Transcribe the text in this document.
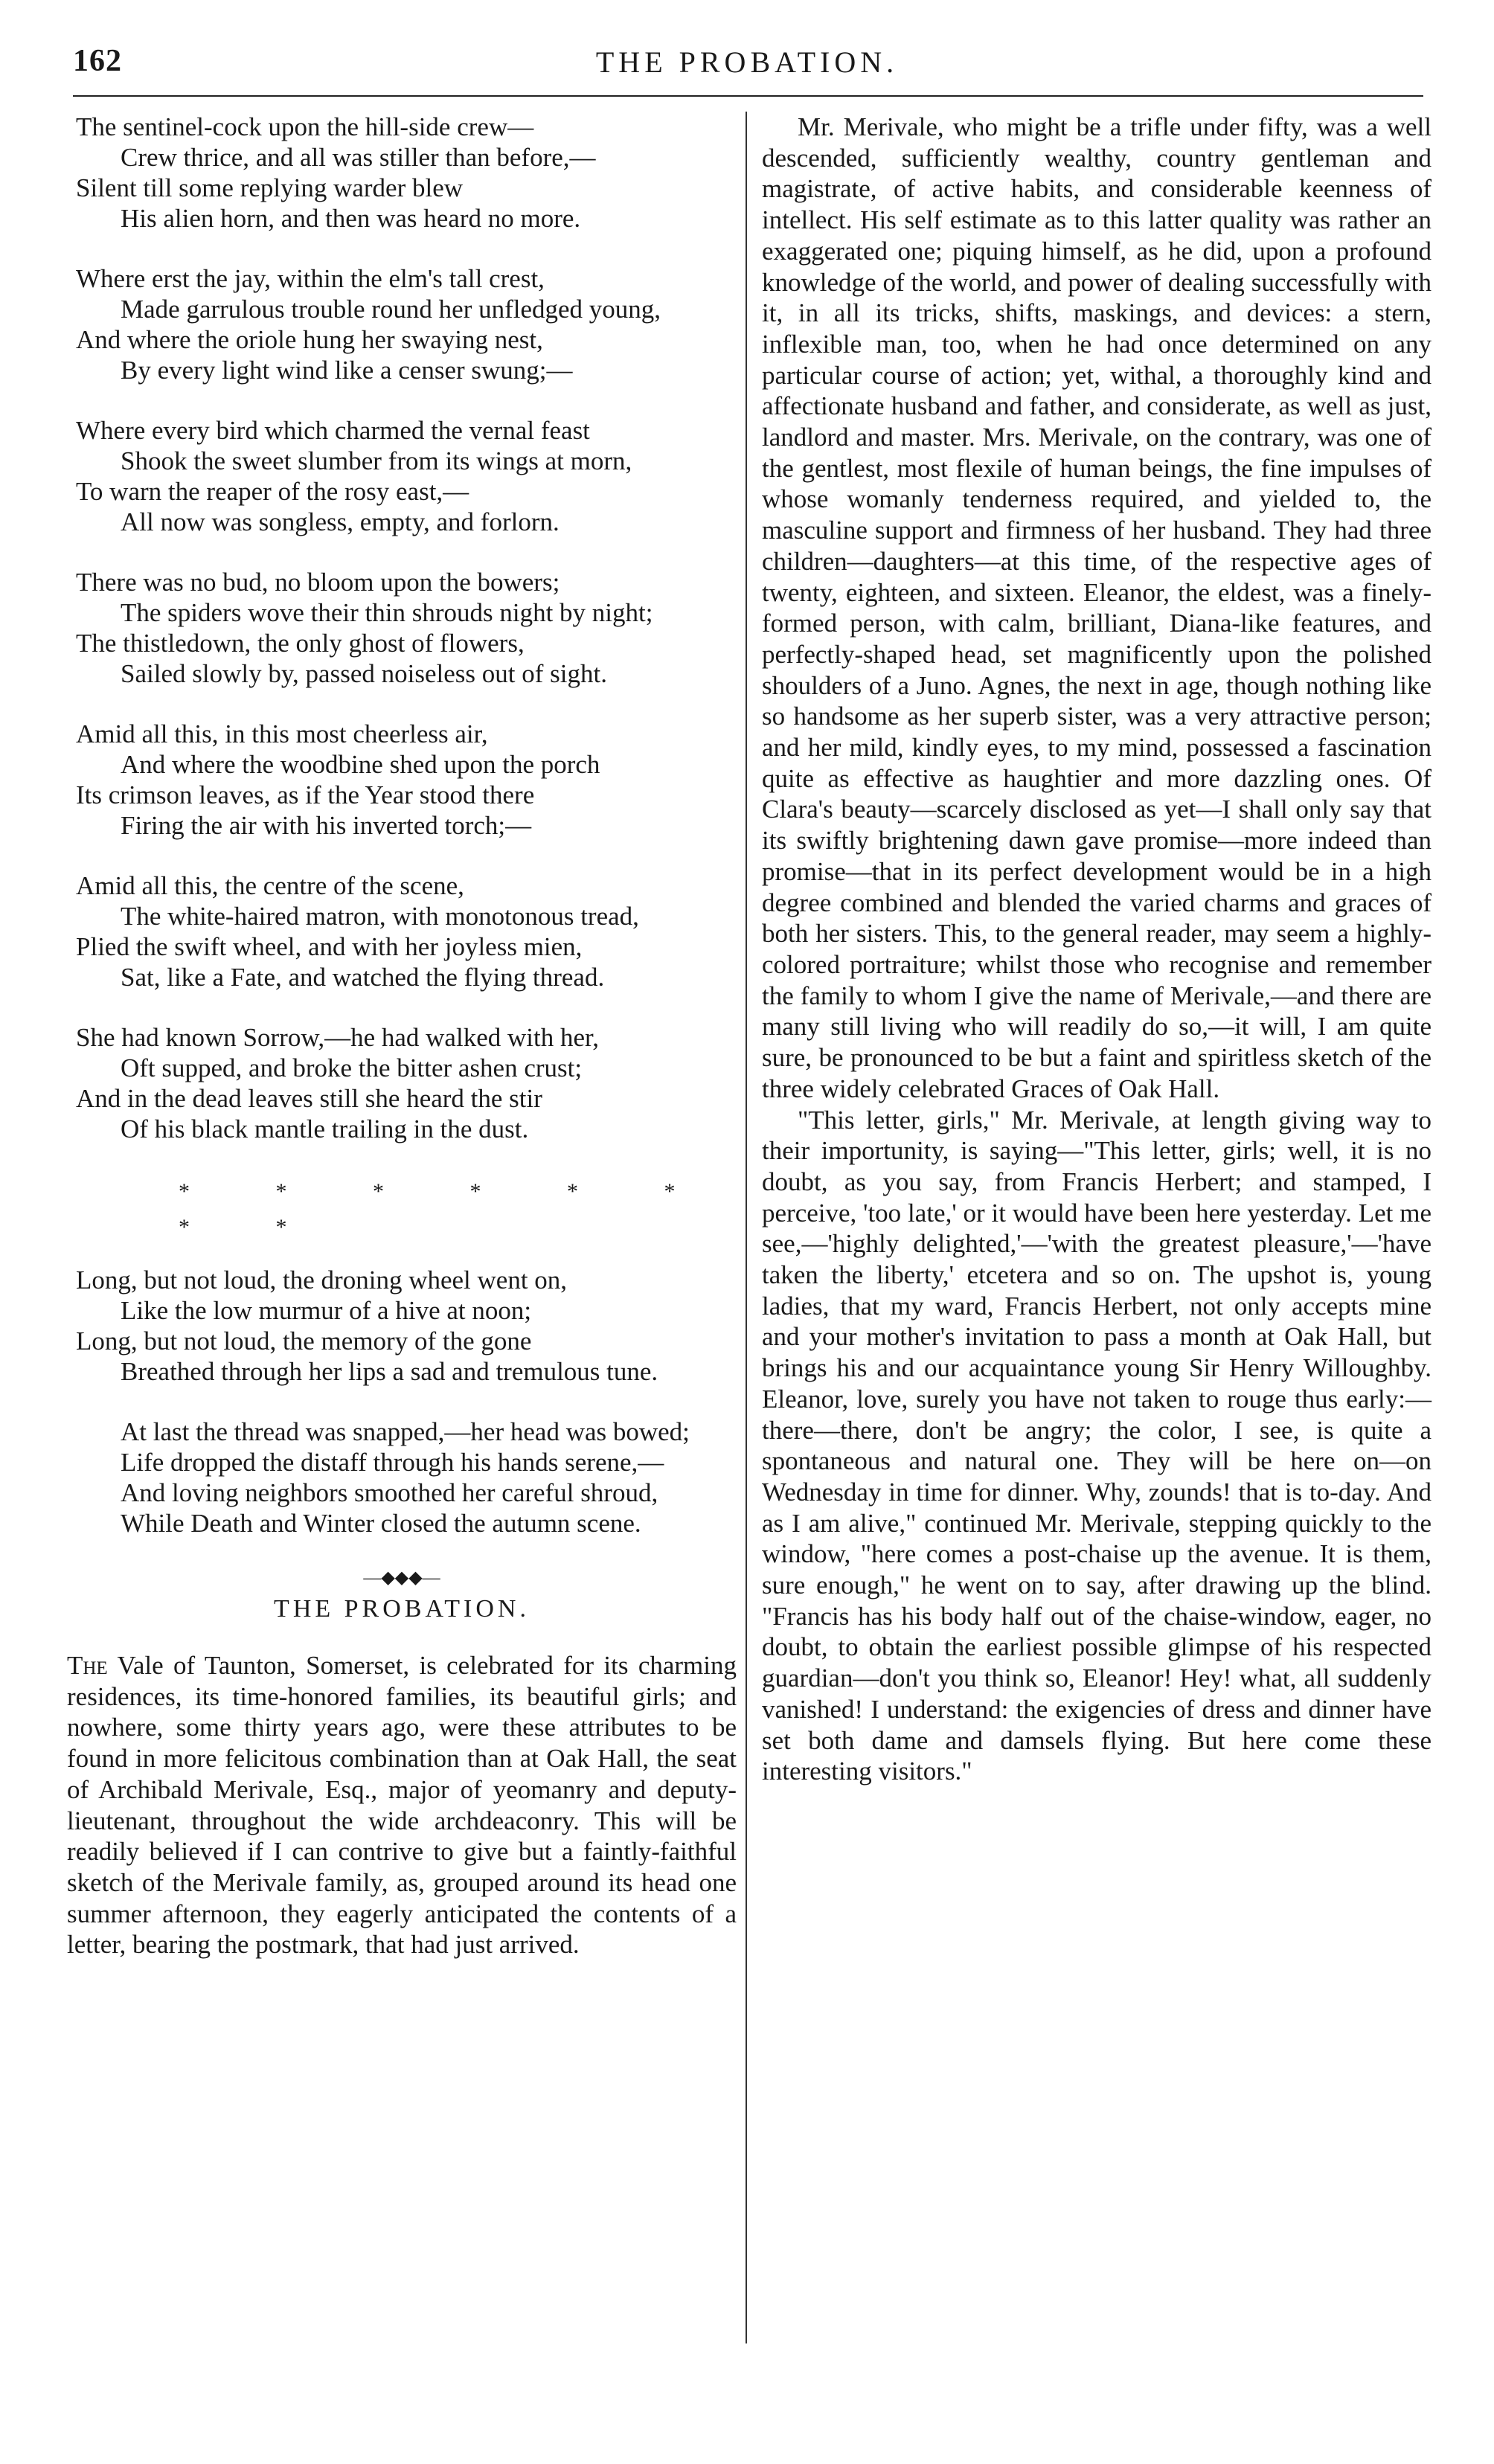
162	THE PROBATION.
The sentinel-cock upon the hill-side crew—
Crew thrice, and all was stiller than before,—
Silent till some replying warder blew
His alien horn, and then was heard no more.
Where erst the jay, within the elm's tall crest,
Made garrulous trouble round her unfledged young,
And where the oriole hung her swaying nest,
By every light wind like a censer swung;—
Where every bird which charmed the vernal feast
Shook the sweet slumber from its wings at morn,
To warn the reaper of the rosy east,—
All now was songless, empty, and forlorn.
There was no bud, no bloom upon the bowers;
The spiders wove their thin shrouds night by night;
The thistledown, the only ghost of flowers,
Sailed slowly by, passed noiseless out of sight.
Amid all this, in this most cheerless air,
And where the woodbine shed upon the porch
Its crimson leaves, as if the Year stood there
Firing the air with his inverted torch;—
Amid all this, the centre of the scene,
The white-haired matron, with monotonous tread,
Plied the swift wheel, and with her joyless mien,
Sat, like a Fate, and watched the flying thread.
She had known Sorrow,—he had walked with her,
Oft supped, and broke the bitter ashen crust;
And in the dead leaves still she heard the stir
Of his black mantle trailing in the dust.
* * * * * * * *
Long, but not loud, the droning wheel went on,
Like the low murmur of a hive at noon;
Long, but not loud, the memory of the gone
Breathed through her lips a sad and tremulous tune.
At last the thread was snapped,—her head was bowed;
Life dropped the distaff through his hands serene,—
And loving neighbors smoothed her careful shroud,
While Death and Winter closed the autumn scene.
—◆◆◆—
THE PROBATION.

The Vale of Taunton, Somerset, is celebrated for its charming residences, its time-honored families, its beautiful girls; and nowhere, some thirty years ago, were these attributes to be found in more felicitous combination than at Oak Hall, the seat of Archibald Merivale, Esq., major of yeomanry and deputy-lieutenant, throughout the wide archdeaconry. This will be readily believed if I can contrive to give but a faintly-faithful sketch of the Merivale family, as, grouped around its head one summer afternoon, they eagerly anticipated the contents of a letter, bearing the postmark, that had just arrived.

Mr. Merivale, who might be a trifle under fifty, was a well descended, sufficiently wealthy, country gentleman and magistrate, of active habits, and considerable keenness of intellect. His self estimate as to this latter quality was rather an exaggerated one; piquing himself, as he did, upon a profound knowledge of the world, and power of dealing successfully with it, in all its tricks, shifts, maskings, and devices: a stern, inflexible man, too, when he had once determined on any particular course of action; yet, withal, a thoroughly kind and affectionate husband and father, and considerate, as well as just, landlord and master. Mrs. Merivale, on the contrary, was one of the gentlest, most flexile of human beings, the fine impulses of whose womanly tenderness required, and yielded to, the masculine support and firmness of her husband. They had three children—daughters—at this time, of the respective ages of twenty, eighteen, and sixteen. Eleanor, the eldest, was a finely-formed person, with calm, brilliant, Diana-like features, and perfectly-shaped head, set magnificently upon the polished shoulders of a Juno. Agnes, the next in age, though nothing like so handsome as her superb sister, was a very attractive person; and her mild, kindly eyes, to my mind, possessed a fascination quite as effective as haughtier and more dazzling ones. Of Clara's beauty—scarcely disclosed as yet—I shall only say that its swiftly brightening dawn gave promise—more indeed than promise—that in its perfect development would be in a high degree combined and blended the varied charms and graces of both her sisters. This, to the general reader, may seem a highly-colored portraiture; whilst those who recognise and remember the family to whom I give the name of Merivale,—and there are many still living who will readily do so,—it will, I am quite sure, be pronounced to be but a faint and spiritless sketch of the three widely celebrated Graces of Oak Hall.

"This letter, girls," Mr. Merivale, at length giving way to their importunity, is saying—"This letter, girls; well, it is no doubt, as you say, from Francis Herbert; and stamped, I perceive, 'too late,' or it would have been here yesterday. Let me see,—'highly delighted,'—'with the greatest pleasure,'—'have taken the liberty,' etcetera and so on. The upshot is, young ladies, that my ward, Francis Herbert, not only accepts mine and your mother's invitation to pass a month at Oak Hall, but brings his and our acquaintance young Sir Henry Willoughby. Eleanor, love, surely you have not taken to rouge thus early:—there—there, don't be angry; the color, I see, is quite a spontaneous and natural one. They will be here on—on Wednesday in time for dinner. Why, zounds! that is to-day. And as I am alive," continued Mr. Merivale, stepping quickly to the window, "here comes a post-chaise up the avenue. It is them, sure enough," he went on to say, after drawing up the blind. "Francis has his body half out of the chaise-window, eager, no doubt, to obtain the earliest possible glimpse of his respected guardian—don't you think so, Eleanor! Hey! what, all suddenly vanished! I understand: the exigencies of dress and dinner have set both dame and damsels flying. But here come these interesting visitors."
